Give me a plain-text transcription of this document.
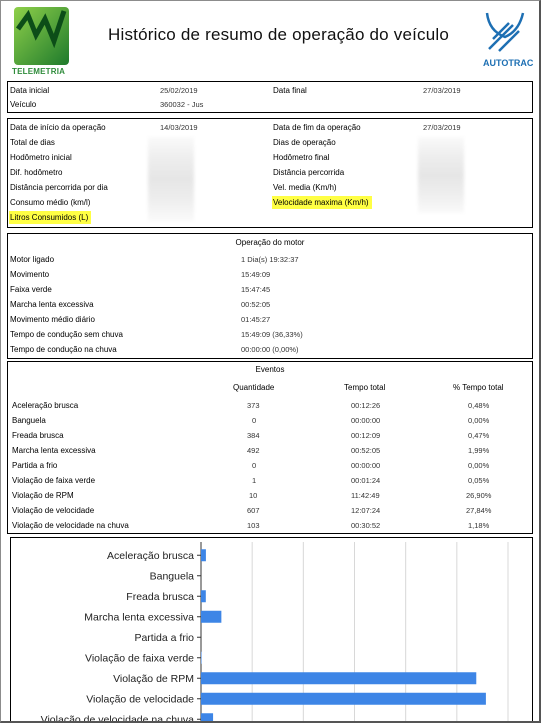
TELEMETRIA
Histórico de resumo de operação do veículo
AUTOTRAC
Data inicial	25/02/2019	Data final	27/03/2019
Veículo	360032 - Jus
Data de início da operação	14/03/2019	Data de fim da operação	27/03/2019
Total de dias	Dias de operação
Hodômetro inicial	Hodômetro final
Dif. hodômetro	Distância percorrida
Distância percorrida por dia	Vel. media (Km/h)
Consumo médio (km/l)	Velocidade maxima (Km/h)
Litros Consumidos (L)
Operação do motor
Motor ligado	1 Dia(s) 19:32:37
Movimento	15:49:09
Faixa verde	15:47:45
Marcha lenta excessiva	00:52:05
Movimento médio diário	01:45:27
Tempo de condução sem chuva	15:49:09 (36,33%)
Tempo de condução na chuva	00:00:00 (0,00%)
Eventos
Quantidade	Tempo total	% Tempo total
Aceleração brusca	373	00:12:26	0,48%
Banguela	0	00:00:00	0,00%
Freada brusca	384	00:12:09	0,47%
Marcha lenta excessiva	492	00:52:05	1,99%
Partida a frio	0	00:00:00	0,00%
Violação de faixa verde	1	00:01:24	0,05%
Violação de RPM	10	11:42:49	26,90%
Violação de velocidade	607	12:07:24	27,84%
Violação de velocidade na chuva	103	00:30:52	1,18%
Aceleração brusca
Banguela
Freada brusca
Marcha lenta excessiva
Partida a frio
Violação de faixa verde
Violação de RPM
Violação de velocidade
Violação de velocidade na chuva
